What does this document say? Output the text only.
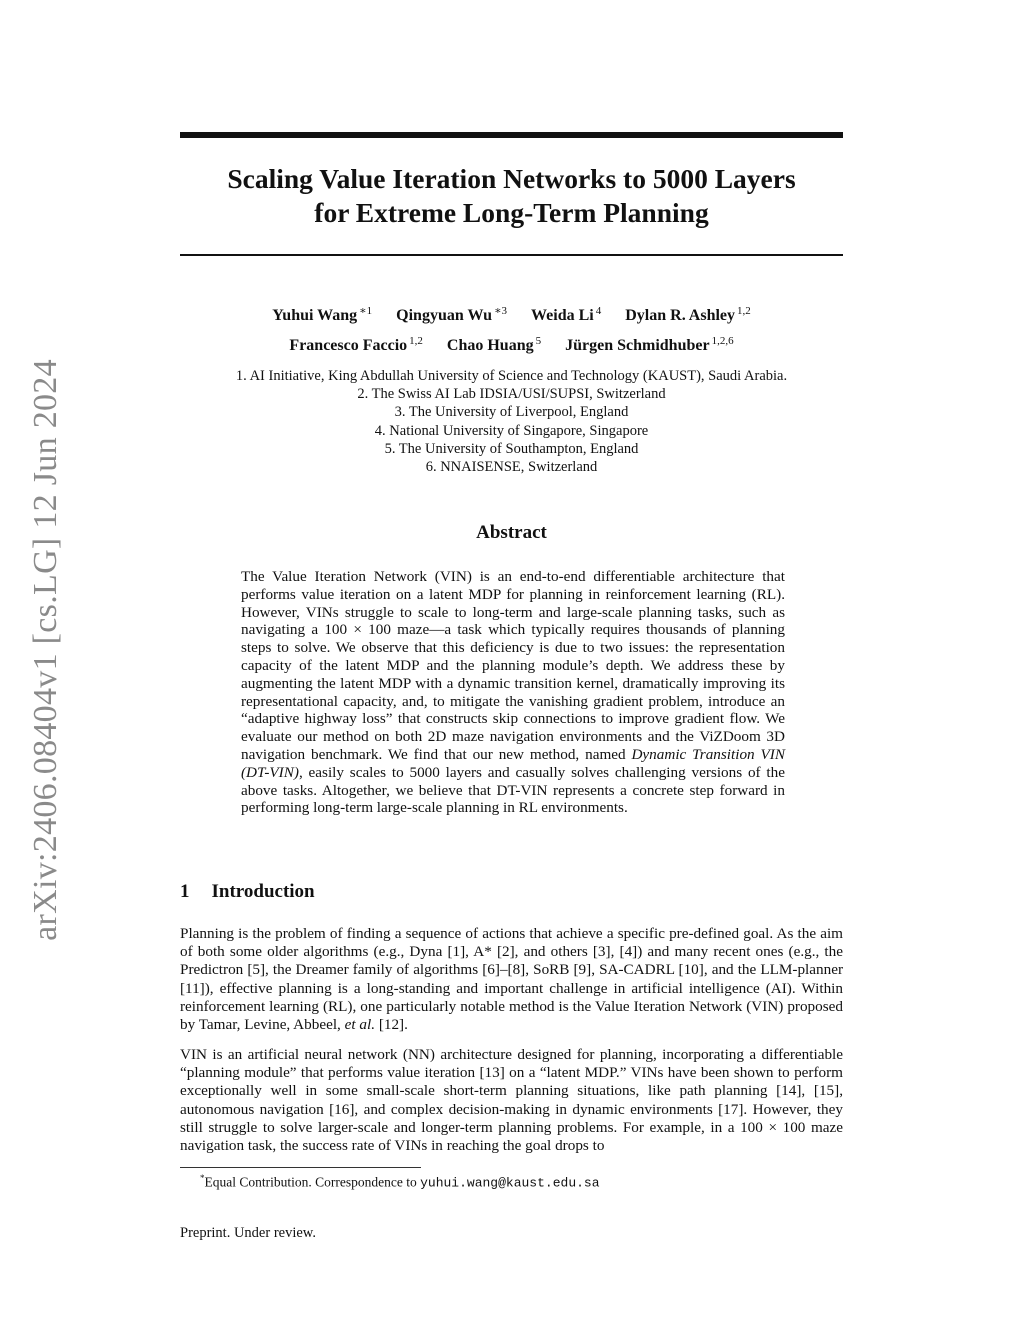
arXiv:2406.08404v1 [cs.LG] 12 Jun 2024
Scaling Value Iteration Networks to 5000 Layers
for Extreme Long-Term Planning
Yuhui Wang $^{∗1}$ Qingyuan Wu $^{∗3}$ Weida Li $^4$ Dylan R. Ashley $^{1,2}$
Francesco Faccio $^{1,2}$ Chao Huang $^5$ Jürgen Schmidhuber $^{1,2,6}$
1. AI Initiative, King Abdullah University of Science and Technology (KAUST), Saudi Arabia.
2. The Swiss AI Lab IDSIA/USI/SUPSI, Switzerland
3. The University of Liverpool, England
4. National University of Singapore, Singapore
5. The University of Southampton, England
6. NNAISENSE, Switzerland
Abstract
The Value Iteration Network (VIN) is an end-to-end differentiable architecture that performs value iteration on a latent MDP for planning in reinforcement learning (RL). However, VINs struggle to scale to long-term and large-scale planning tasks, such as navigating a 100 × 100 maze—a task which typically requires thousands of planning steps to solve. We observe that this deficiency is due to two issues: the representation capacity of the latent MDP and the planning module’s depth. We address these by augmenting the latent MDP with a dynamic transition kernel, dramatically improving its representational capacity, and, to mitigate the vanishing gradient problem, introduce an “adaptive highway loss” that constructs skip connections to improve gradient flow. We evaluate our method on both 2D maze navigation environments and the ViZDoom 3D navigation benchmark. We find that our new method, named Dynamic Transition VIN (DT-VIN), easily scales to 5000 layers and casually solves challenging versions of the above tasks. Altogether, we believe that DT-VIN represents a concrete step forward in performing long-term large-scale planning in RL environments.
1 Introduction
Planning is the problem of finding a sequence of actions that achieve a specific pre-defined goal. As the aim of both some older algorithms (e.g., Dyna [1], A* [2], and others [3], [4]) and many recent ones (e.g., the Predictron [5], the Dreamer family of algorithms [6]–[8], SoRB [9], SA-CADRL [10], and the LLM-planner [11]), effective planning is a long-standing and important challenge in artificial intelligence (AI). Within reinforcement learning (RL), one particularly notable method is the Value Iteration Network (VIN) proposed by Tamar, Levine, Abbeel, et al. [12].
VIN is an artificial neural network (NN) architecture designed for planning, incorporating a differentiable “planning module” that performs value iteration [13] on a “latent MDP.” VINs have been shown to perform exceptionally well in some small-scale short-term planning situations, like path planning [14], [15], autonomous navigation [16], and complex decision-making in dynamic environments [17]. However, they still struggle to solve larger-scale and longer-term planning problems. For example, in a 100 × 100 maze navigation task, the success rate of VINs in reaching the goal drops to
*Equal Contribution. Correspondence to yuhui.wang@kaust.edu.sa
Preprint. Under review.
